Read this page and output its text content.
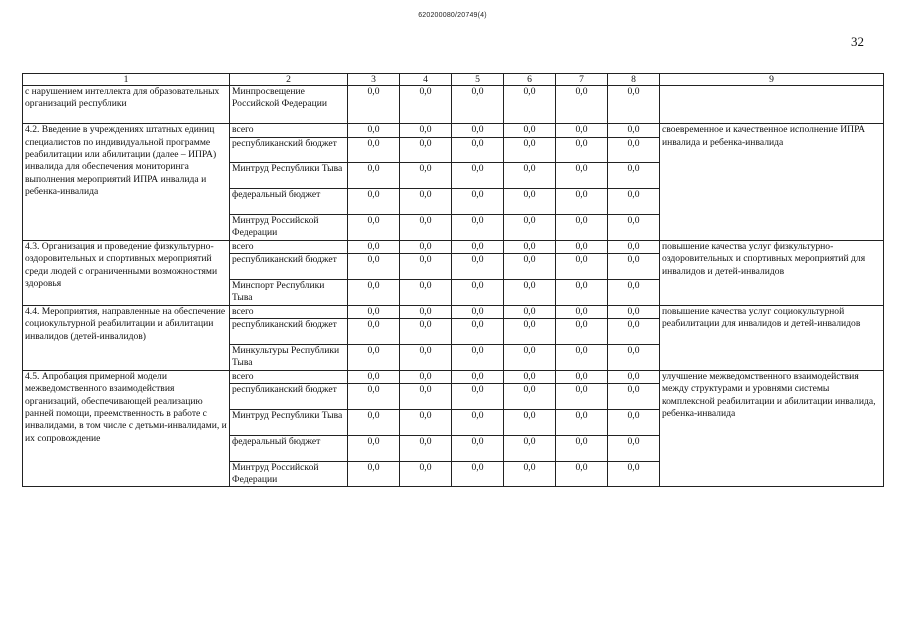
620200080/20749(4)
32
1	2	3	4	5	6	7	8	9
с нарушением интеллекта для образовательных организаций республики	Минпросвещение Российской Федерации	0,0	0,0	0,0	0,0	0,0	0,0	
4.2. Введение в учреждениях штатных единиц специалистов по индивидуальной программе реабилитации или абилитации (далее – ИПРА) инвалида для обеспечения мониторинга выполнения мероприятий ИПРА инвалида и ребенка-инвалида	всего	0,0	0,0	0,0	0,0	0,0	0,0	своевременное и качественное исполнение ИПРА инвалида и ребенка-инвалида
	республиканский бюджет	0,0	0,0	0,0	0,0	0,0	0,0	
	Минтруд Республики Тыва	0,0	0,0	0,0	0,0	0,0	0,0	
	федеральный бюджет	0,0	0,0	0,0	0,0	0,0	0,0	
	Минтруд Российской Федерации	0,0	0,0	0,0	0,0	0,0	0,0	
4.3. Организация и проведение физкультурно-оздоровительных и спортивных мероприятий среди людей с ограниченными возможностями здоровья	всего	0,0	0,0	0,0	0,0	0,0	0,0	повышение качества услуг физкультурно-оздоровительных и спортивных мероприятий для инвалидов и детей-инвалидов
	республиканский бюджет	0,0	0,0	0,0	0,0	0,0	0,0	
	Минспорт Республики Тыва	0,0	0,0	0,0	0,0	0,0	0,0	
4.4. Мероприятия, направленные на обеспечение социокультурной реабилитации и абилитации инвалидов (детей-инвалидов)	всего	0,0	0,0	0,0	0,0	0,0	0,0	повышение качества услуг социокультурной реабилитации для инвалидов и детей-инвалидов
	республиканский бюджет	0,0	0,0	0,0	0,0	0,0	0,0	
	Минкультуры Республики Тыва	0,0	0,0	0,0	0,0	0,0	0,0	
4.5. Апробация примерной модели межведомственного взаимодействия организаций, обеспечивающей реализацию ранней помощи, преемственность в работе с инвалидами, в том числе с детьми-инвалидами, и их сопровождение	всего	0,0	0,0	0,0	0,0	0,0	0,0	улучшение межведомственного взаимодействия между структурами и уровнями системы комплексной реабилитации и абилитации инвалида, ребенка-инвалида
	республиканский бюджет	0,0	0,0	0,0	0,0	0,0	0,0	
	Минтруд Республики Тыва	0,0	0,0	0,0	0,0	0,0	0,0	
	федеральный бюджет	0,0	0,0	0,0	0,0	0,0	0,0	
	Минтруд Российской Федерации	0,0	0,0	0,0	0,0	0,0	0,0	
